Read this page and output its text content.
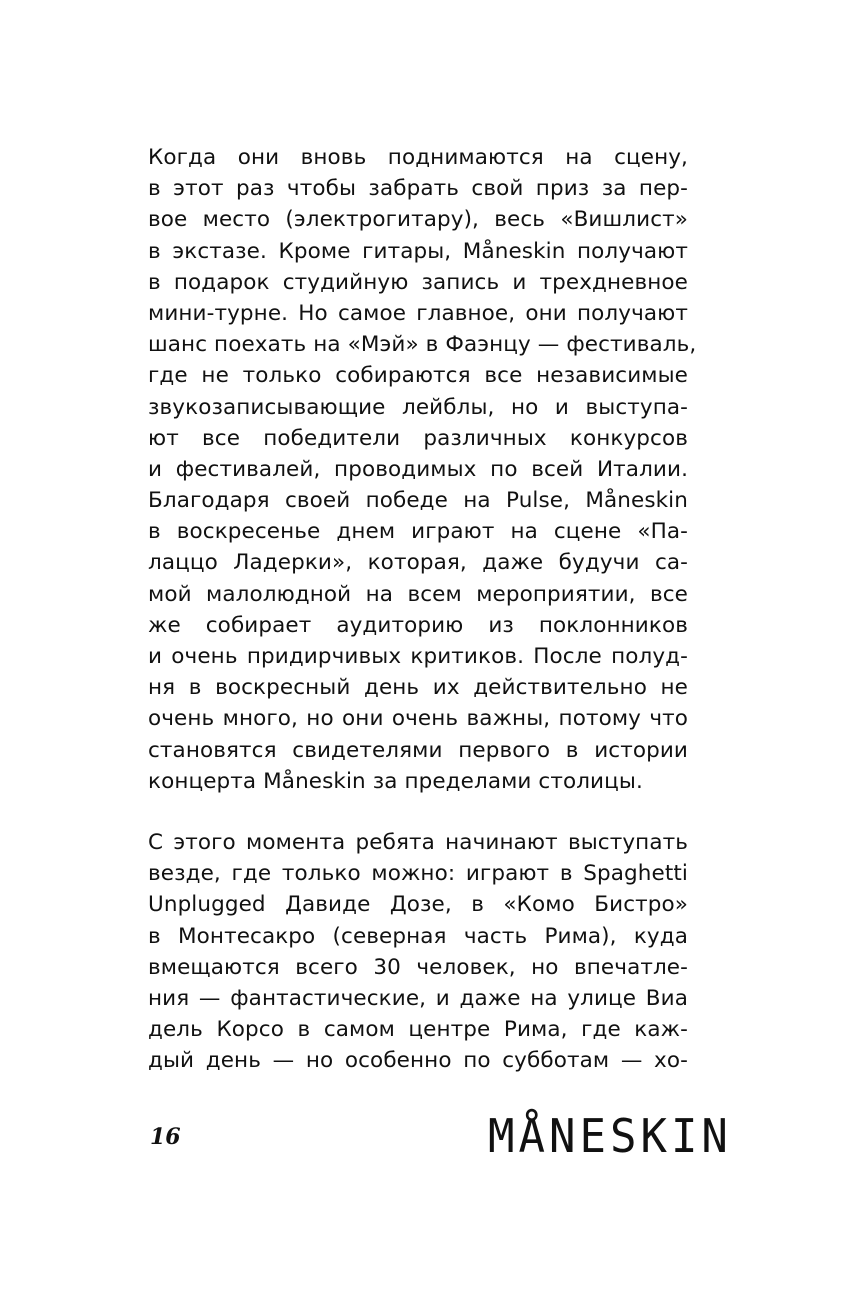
Когда они вновь поднимаются на сцену,
в этот раз чтобы забрать свой приз за пер-
вое место (электрогитару), весь «Вишлист»
в экстазе. Кроме гитары, Måneskin получают
в подарок студийную запись и трехдневное
мини-турне. Но самое главное, они получают
шанс поехать на «Мэй» в Фаэнцу — фестиваль,
где не только собираются все независимые
звукозаписывающие лейблы, но и выступа-
ют все победители различных конкурсов
и фестивалей, проводимых по всей Италии.
Благодаря своей победе на Pulse, Måneskin
в воскресенье днем играют на сцене «Па-
лаццо Ладерки», которая, даже будучи са-
мой малолюдной на всем мероприятии, все
же собирает аудиторию из поклонников
и очень придирчивых критиков. После полуд-
ня в воскресный день их действительно не
очень много, но они очень важны, потому что
становятся свидетелями первого в истории
концерта Måneskin за пределами столицы.
С этого момента ребята начинают выступать
везде, где только можно: играют в Spaghetti
Unplugged Давиде Дозе, в «Комо Бистро»
в Монтесакро (северная часть Рима), куда
вмещаются всего 30 человек, но впечатле-
ния — фантастические, и даже на улице Виа
дель Корсо в самом центре Рима, где каж-
дый день — но особенно по субботам — хо-
16	MÅNESKIN
